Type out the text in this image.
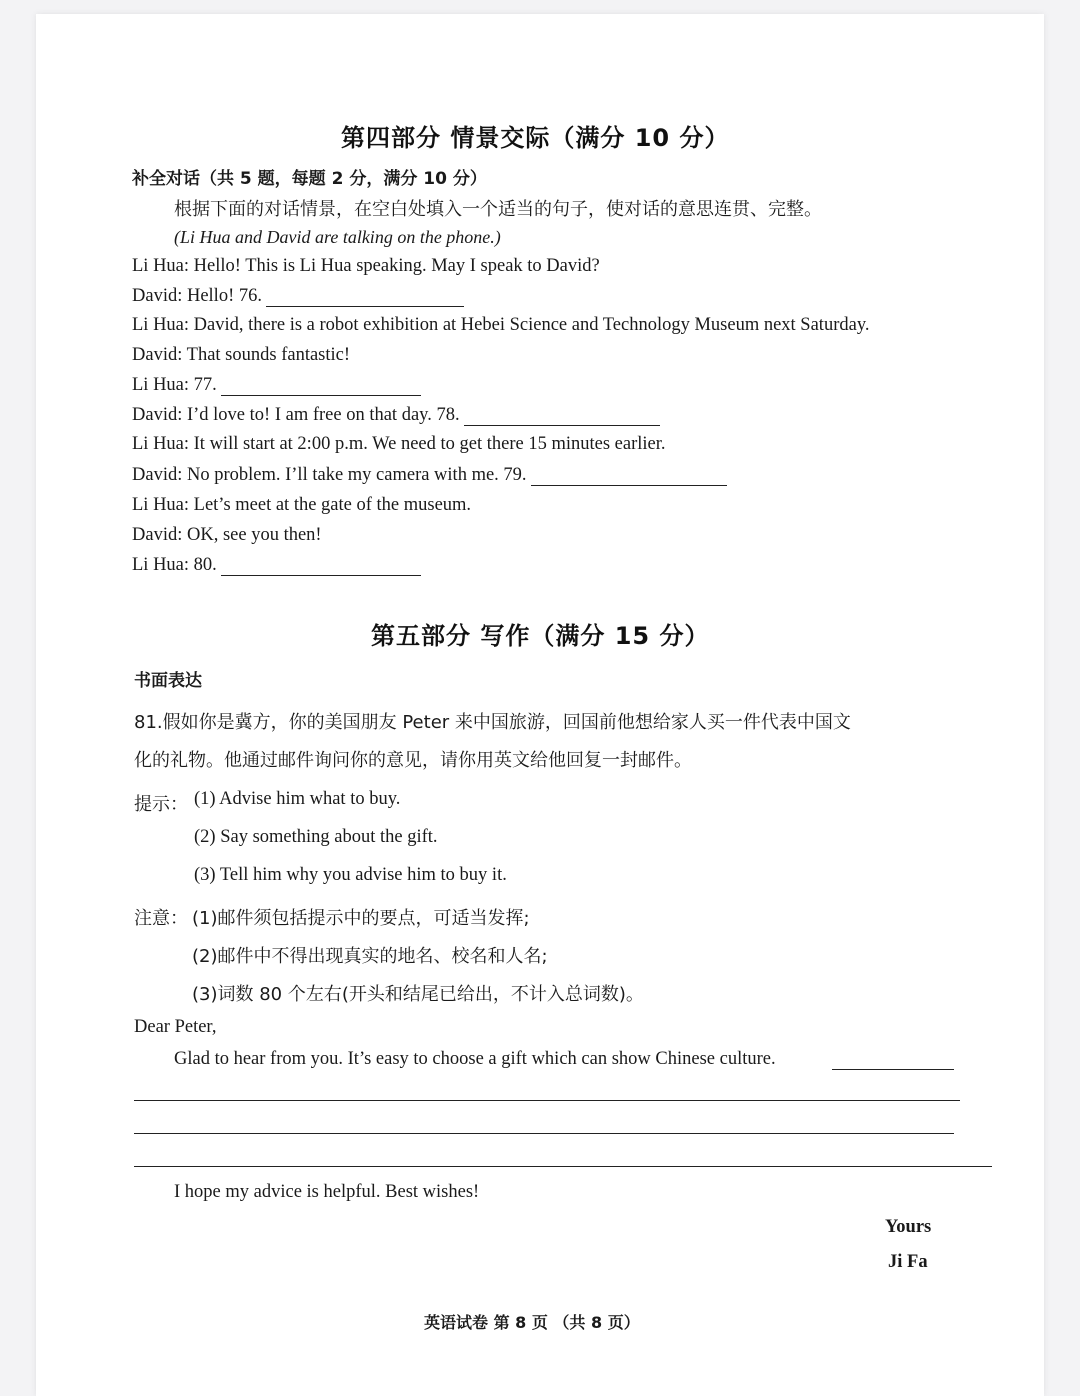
第四部分 情景交际（满分 10 分）
补全对话（共 5 题，每题 2 分，满分 10 分）
根据下面的对话情景，在空白处填入一个适当的句子，使对话的意思连贯、完整。
(Li Hua and David are talking on the phone.)
Li Hua: Hello! This is Li Hua speaking. May I speak to David?
David: Hello! 76.
Li Hua: David, there is a robot exhibition at Hebei Science and Technology Museum next Saturday.
David: That sounds fantastic!
Li Hua: 77.
David: I’d love to! I am free on that day. 78.
Li Hua: It will start at 2:00 p.m. We need to get there 15 minutes earlier.
David: No problem. I’ll take my camera with me. 79.
Li Hua: Let’s meet at the gate of the museum.
David: OK, see you then!
Li Hua: 80.
第五部分 写作（满分 15 分）
书面表达
81.假如你是冀方，你的美国朋友 Peter 来中国旅游，回国前他想给家人买一件代表中国文
化的礼物。他通过邮件询问你的意见，请你用英文给他回复一封邮件。
提示： (1) Advise him what to buy.
(2) Say something about the gift.
(3) Tell him why you advise him to buy it.
注意： (1)邮件须包括提示中的要点，可适当发挥;
(2)邮件中不得出现真实的地名、校名和人名;
(3)词数 80 个左右(开头和结尾已给出，不计入总词数)。
Dear Peter,
Glad to hear from you. It’s easy to choose a gift which can show Chinese culture.
I hope my advice is helpful. Best wishes!
Yours
Ji Fa
英语试卷 第 8 页 （共 8 页）
